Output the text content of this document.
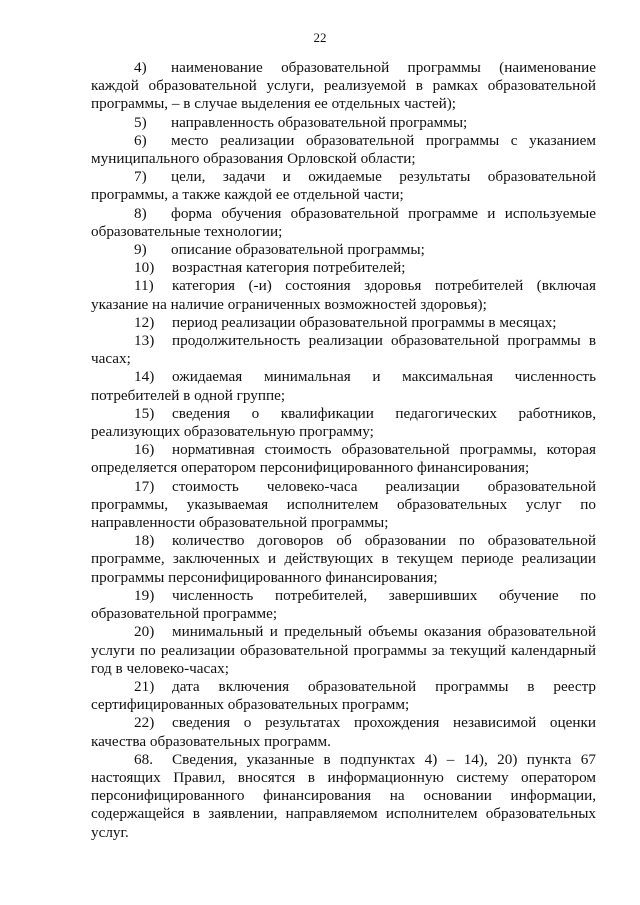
22

4) наименование образовательной программы (наименование каждой образовательной услуги, реализуемой в рамках образовательной программы, – в случае выделения ее отдельных частей);

5) направленность образовательной программы;

6) место реализации образовательной программы с указанием муниципального образования Орловской области;

7) цели, задачи и ожидаемые результаты образовательной программы, а также каждой ее отдельной части;

8) форма обучения образовательной программе и используемые образовательные технологии;

9) описание образовательной программы;

10) возрастная категория потребителей;

11) категория (-и) состояния здоровья потребителей (включая указание на наличие ограниченных возможностей здоровья);

12) период реализации образовательной программы в месяцах;

13) продолжительность реализации образовательной программы в часах;

14) ожидаемая минимальная и максимальная численность потребителей в одной группе;

15) сведения о квалификации педагогических работников, реализующих образовательную программу;

16) нормативная стоимость образовательной программы, которая определяется оператором персонифицированного финансирования;

17) стоимость человеко-часа реализации образовательной программы, указываемая исполнителем образовательных услуг по направленности образовательной программы;

18) количество договоров об образовании по образовательной программе, заключенных и действующих в текущем периоде реализации программы персонифицированного финансирования;

19) численность потребителей, завершивших обучение по образовательной программе;

20) минимальный и предельный объемы оказания образовательной услуги по реализации образовательной программы за текущий календарный год в человеко-часах;

21) дата включения образовательной программы в реестр сертифицированных образовательных программ;

22) сведения о результатах прохождения независимой оценки качества образовательных программ.

68. Сведения, указанные в подпунктах 4) – 14), 20) пункта 67 настоящих Правил, вносятся в информационную систему оператором персонифицированного финансирования на основании информации, содержащейся в заявлении, направляемом исполнителем образовательных услуг.
